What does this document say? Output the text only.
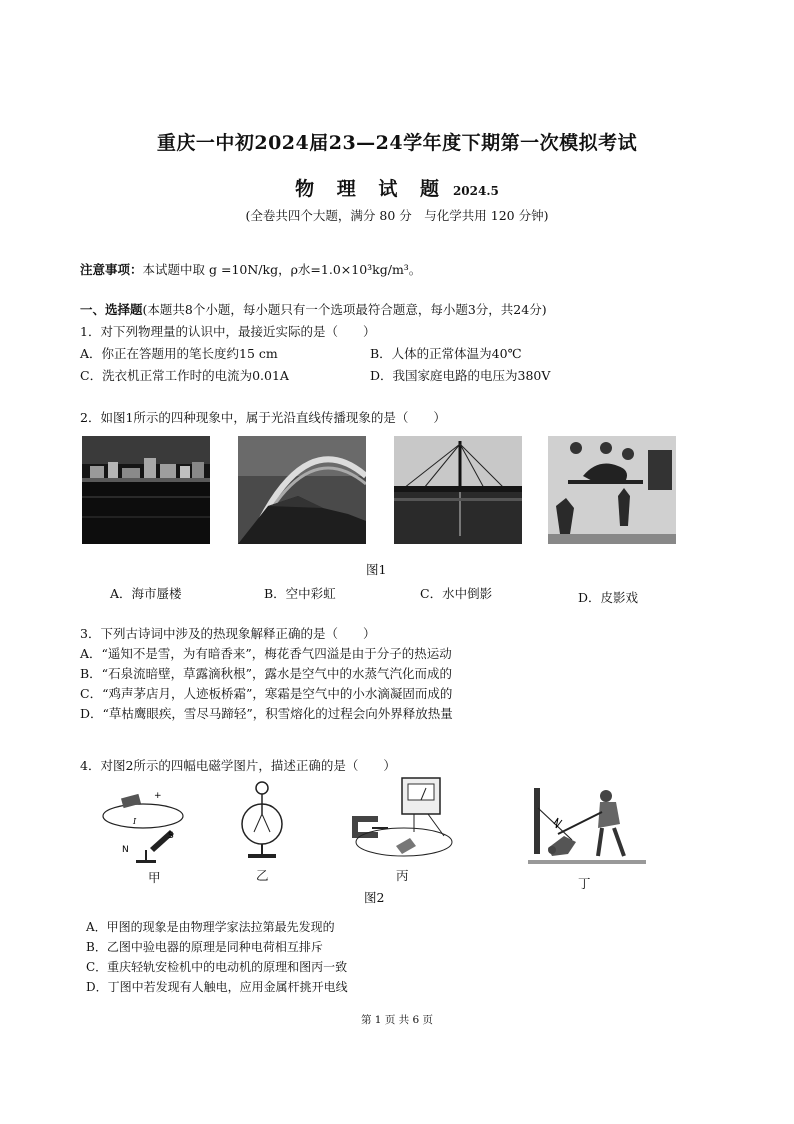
重庆一中初2024届23—24学年度下期第一次模拟考试
物 理 试 题 2024.5
(全卷共四个大题，满分 80 分　与化学共用 120 分钟)
注意事项：本试题中取 g =10N/kg，ρ水=1.0×10³kg/m³。
一、选择题(本题共8个小题，每小题只有一个选项最符合题意，每小题3分，共24分)
1．对下列物理量的认识中，最接近实际的是（　　）
A．你正在答题用的笔长度约15 cm	B．人体的正常体温为40℃
C．洗衣机正常工作时的电流为0.01A	D．我国家庭电路的电压为380V
2．如图1所示的四种现象中，属于光沿直线传播现象的是（　　）
图1
A．海市蜃楼	B．空中彩虹	C．水中倒影	D．皮影戏
3．下列古诗词中涉及的热现象解释正确的是（　　）
A．“遥知不是雪，为有暗香来”，梅花香气四溢是由于分子的热运动
B．“石泉流暗壁，草露滴秋根”，露水是空气中的水蒸气汽化而成的
C．“鸡声茅店月，人迹板桥霜”，寒霜是空气中的小水滴凝固而成的
D．“草枯鹰眼疾，雪尽马蹄轻”，积雪熔化的过程会向外界释放热量
4．对图2所示的四幅电磁学图片，描述正确的是（　　）
S
N
I
+
N
甲	乙	丙
丁
图2
A．甲图的现象是由物理学家法拉第最先发现的
B．乙图中验电器的原理是同种电荷相互排斥
C．重庆轻轨安检机中的电动机的原理和图丙一致
D．丁图中若发现有人触电，应用金属杆挑开电线
第 1 页 共 6 页
